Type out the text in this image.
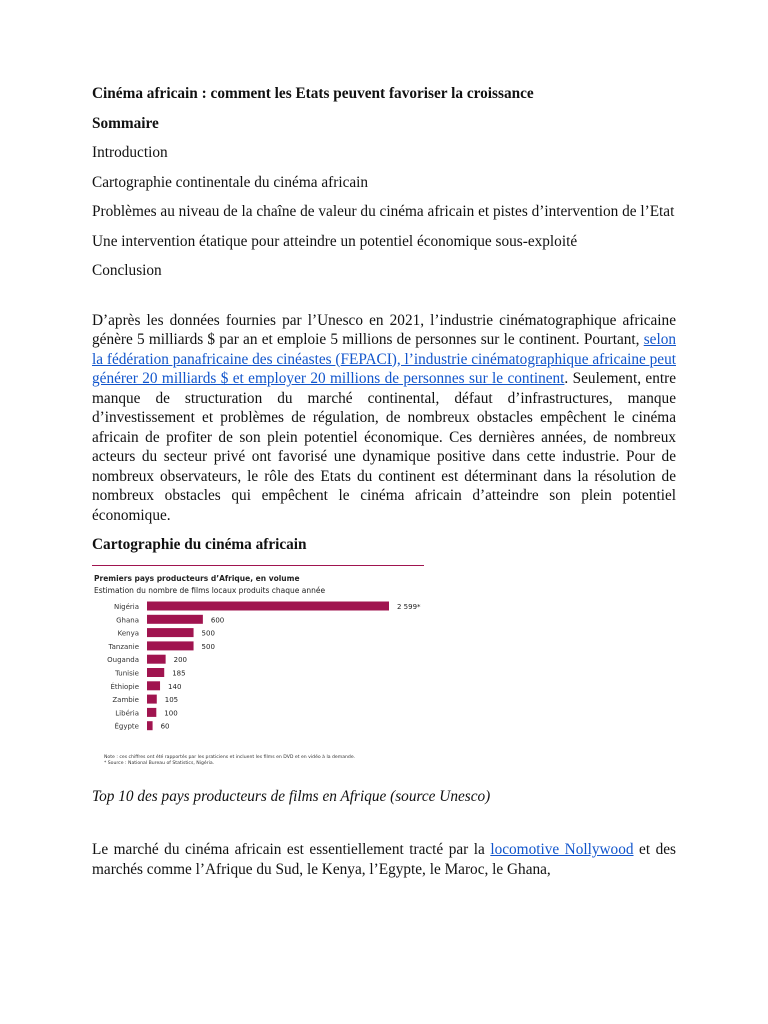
Cinéma africain : comment les Etats peuvent favoriser la croissance

Sommaire

Introduction

Cartographie continentale du cinéma africain

Problèmes au niveau de la chaîne de valeur du cinéma africain et pistes d’intervention de l’Etat

Une intervention étatique pour atteindre un potentiel économique sous-exploité

Conclusion

D’après les données fournies par l’Unesco en 2021, l’industrie cinématographique africaine génère 5 milliards $ par an et emploie 5 millions de personnes sur le continent. Pourtant, selon la fédération panafricaine des cinéastes (FEPACI), l’industrie cinématographique africaine peut générer 20 milliards $ et employer 20 millions de personnes sur le continent. Seulement, entre manque de structuration du marché continental, défaut d’infrastructures, manque d’investissement et problèmes de régulation, de nombreux obstacles empêchent le cinéma africain de profiter de son plein potentiel économique. Ces dernières années, de nombreux acteurs du secteur privé ont favorisé une dynamique positive dans cette industrie. Pour de nombreux observateurs, le rôle des Etats du continent est déterminant dans la résolution de nombreux obstacles qui empêchent le cinéma africain d’atteindre son plein potentiel économique.

Cartographie du cinéma africain

Premiers pays producteurs d’Afrique, en volume
Estimation du nombre de films locaux produits chaque année
Nigéria	2 599*
Ghana	600
Kenya	500
Tanzanie	500
Ouganda	200
Tunisie	185
Éthiopie	140
Zambie	105
Libéria	100
Égypte	60
Note : ces chiffres ont été rapportés par les praticiens et incluent les films en DVD et en vidéo à la demande.
* Source : National Bureau of Statistics, Nigéria.

Top 10 des pays producteurs de films en Afrique (source Unesco)

Le marché du cinéma africain est essentiellement tracté par la locomotive Nollywood et des marchés comme l’Afrique du Sud, le Kenya, l’Egypte, le Maroc, le Ghana,
